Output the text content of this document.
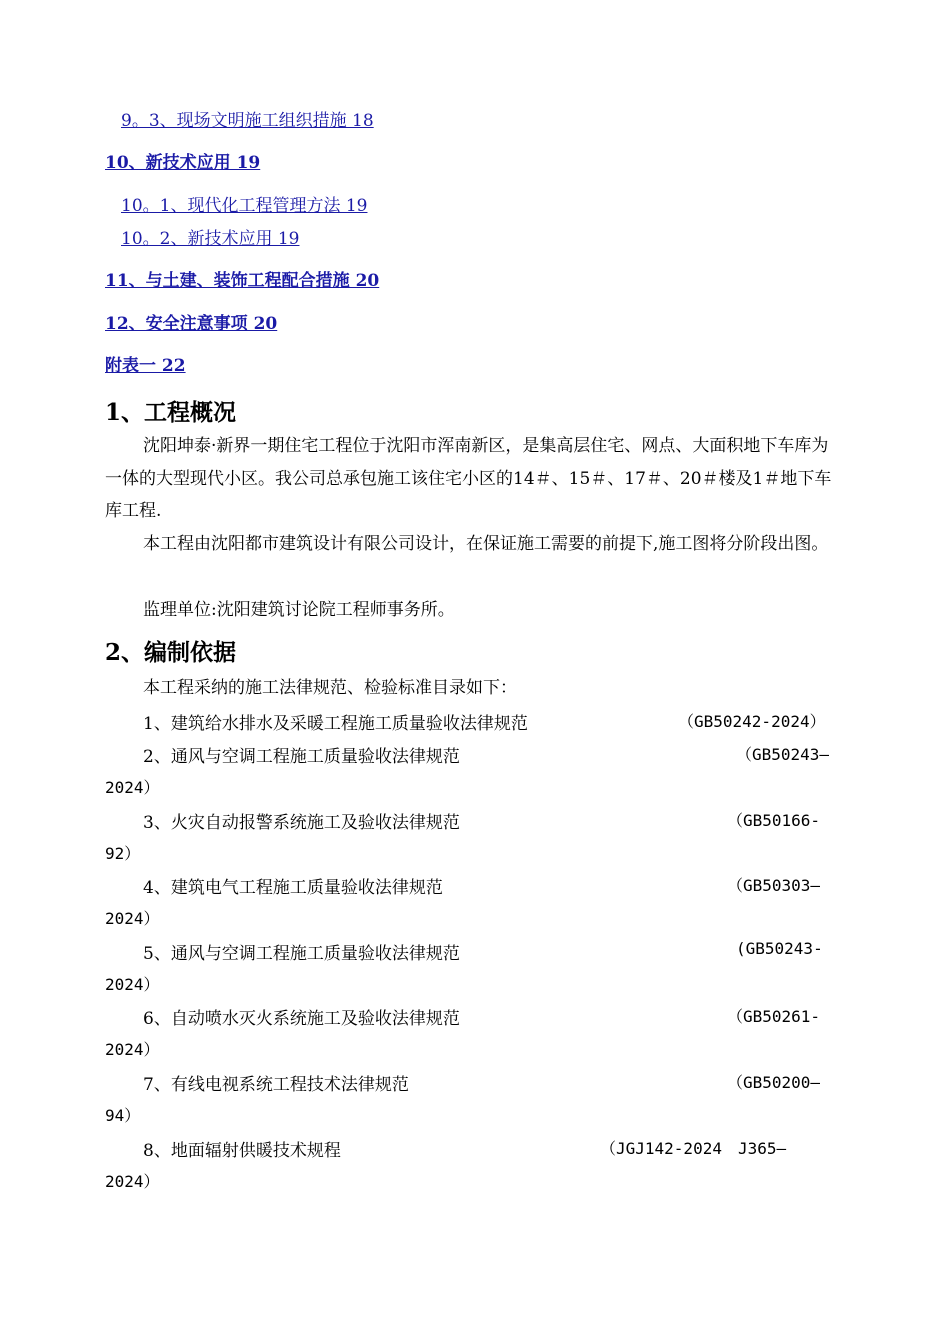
9。3、现场文明施工组织措施 18
10、新技术应用 19
10。1、现代化工程管理方法 19
10。2、新技术应用 19
11、与土建、装饰工程配合措施 20
12、安全注意事项 20
附表一 22
1、工程概况
沈阳坤泰·新界一期住宅工程位于沈阳市浑南新区，是集高层住宅、网点、大面积地下车库为一体的大型现代小区。我公司总承包施工该住宅小区的14＃、15＃、17＃、20＃楼及1＃地下车库工程.
本工程由沈阳都市建筑设计有限公司设计，在保证施工需要的前提下,施工图将分阶段出图。
监理单位:沈阳建筑讨论院工程师事务所。
2、编制依据
本工程采纳的施工法律规范、检验标准目录如下：
1、建筑给水排水及采暖工程施工质量验收法律规范	（GB50242-2024）
2、通风与空调工程施工质量验收法律规范	（GB50243—
2024）
3、火灾自动报警系统施工及验收法律规范	（GB50166-
92）
4、建筑电气工程施工质量验收法律规范	（GB50303—
2024）
5、通风与空调工程施工质量验收法律规范	(GB50243-
2024）
6、自动喷水灭火系统施工及验收法律规范	（GB50261-
2024）
7、有线电视系统工程技术法律规范	（GB50200—
94）
8、地面辐射供暖技术规程	（JGJ142-2024　J365—
2024）
